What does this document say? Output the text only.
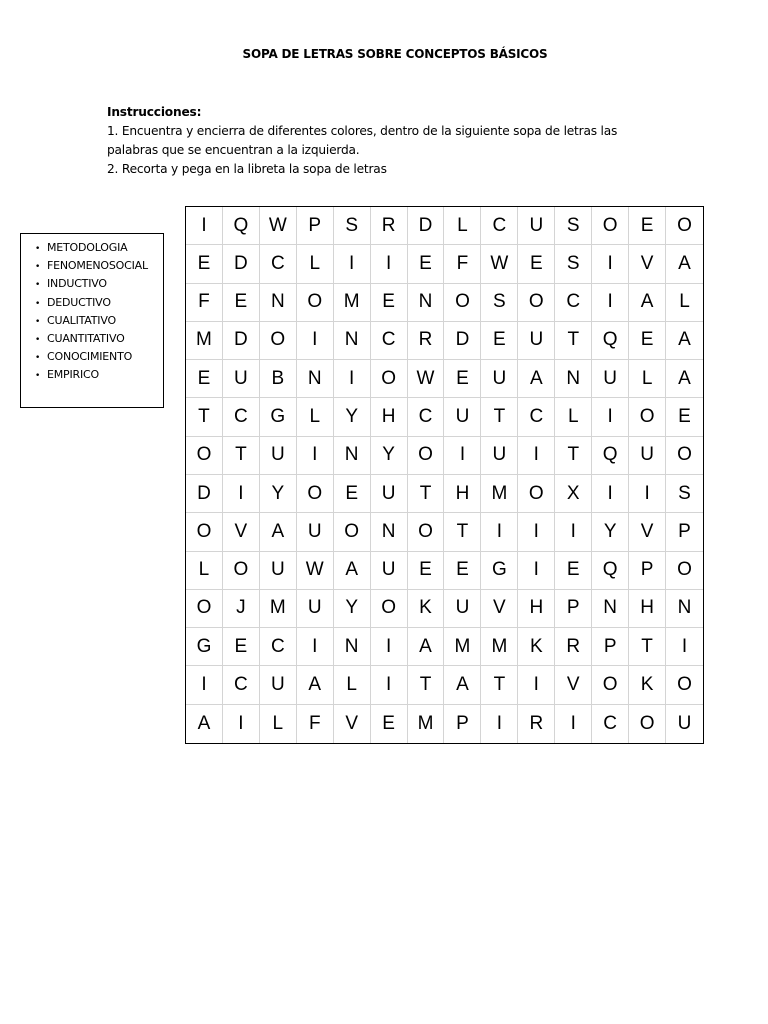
SOPA DE LETRAS SOBRE CONCEPTOS BÁSICOS
Instrucciones:
1. Encuentra y encierra de diferentes colores, dentro de la siguiente sopa de letras las
palabras que se encuentran a la izquierda.
2. Recorta y pega en la libreta la sopa de letras
• METODOLOGIA
• FENOMENOSOCIAL
• INDUCTIVO
• DEDUCTIVO
• CUALITATIVO
• CUANTITATIVO
• CONOCIMIENTO
• EMPIRICO
I	Q	W	P	S	R	D	L	C	U	S	O	E	O
E	D	C	L	I	I	E	F	W	E	S	I	V	A
F	E	N	O	M	E	N	O	S	O	C	I	A	L
M	D	O	I	N	C	R	D	E	U	T	Q	E	A
E	U	B	N	I	O	W	E	U	A	N	U	L	A
T	C	G	L	Y	H	C	U	T	C	L	I	O	E
O	T	U	I	N	Y	O	I	U	I	T	Q	U	O
D	I	Y	O	E	U	T	H	M	O	X	I	I	S
O	V	A	U	O	N	O	T	I	I	I	Y	V	P
L	O	U	W	A	U	E	E	G	I	E	Q	P	O
O	J	M	U	Y	O	K	U	V	H	P	N	H	N
G	E	C	I	N	I	A	M	M	K	R	P	T	I
I	C	U	A	L	I	T	A	T	I	V	O	K	O
A	I	L	F	V	E	M	P	I	R	I	C	O	U
